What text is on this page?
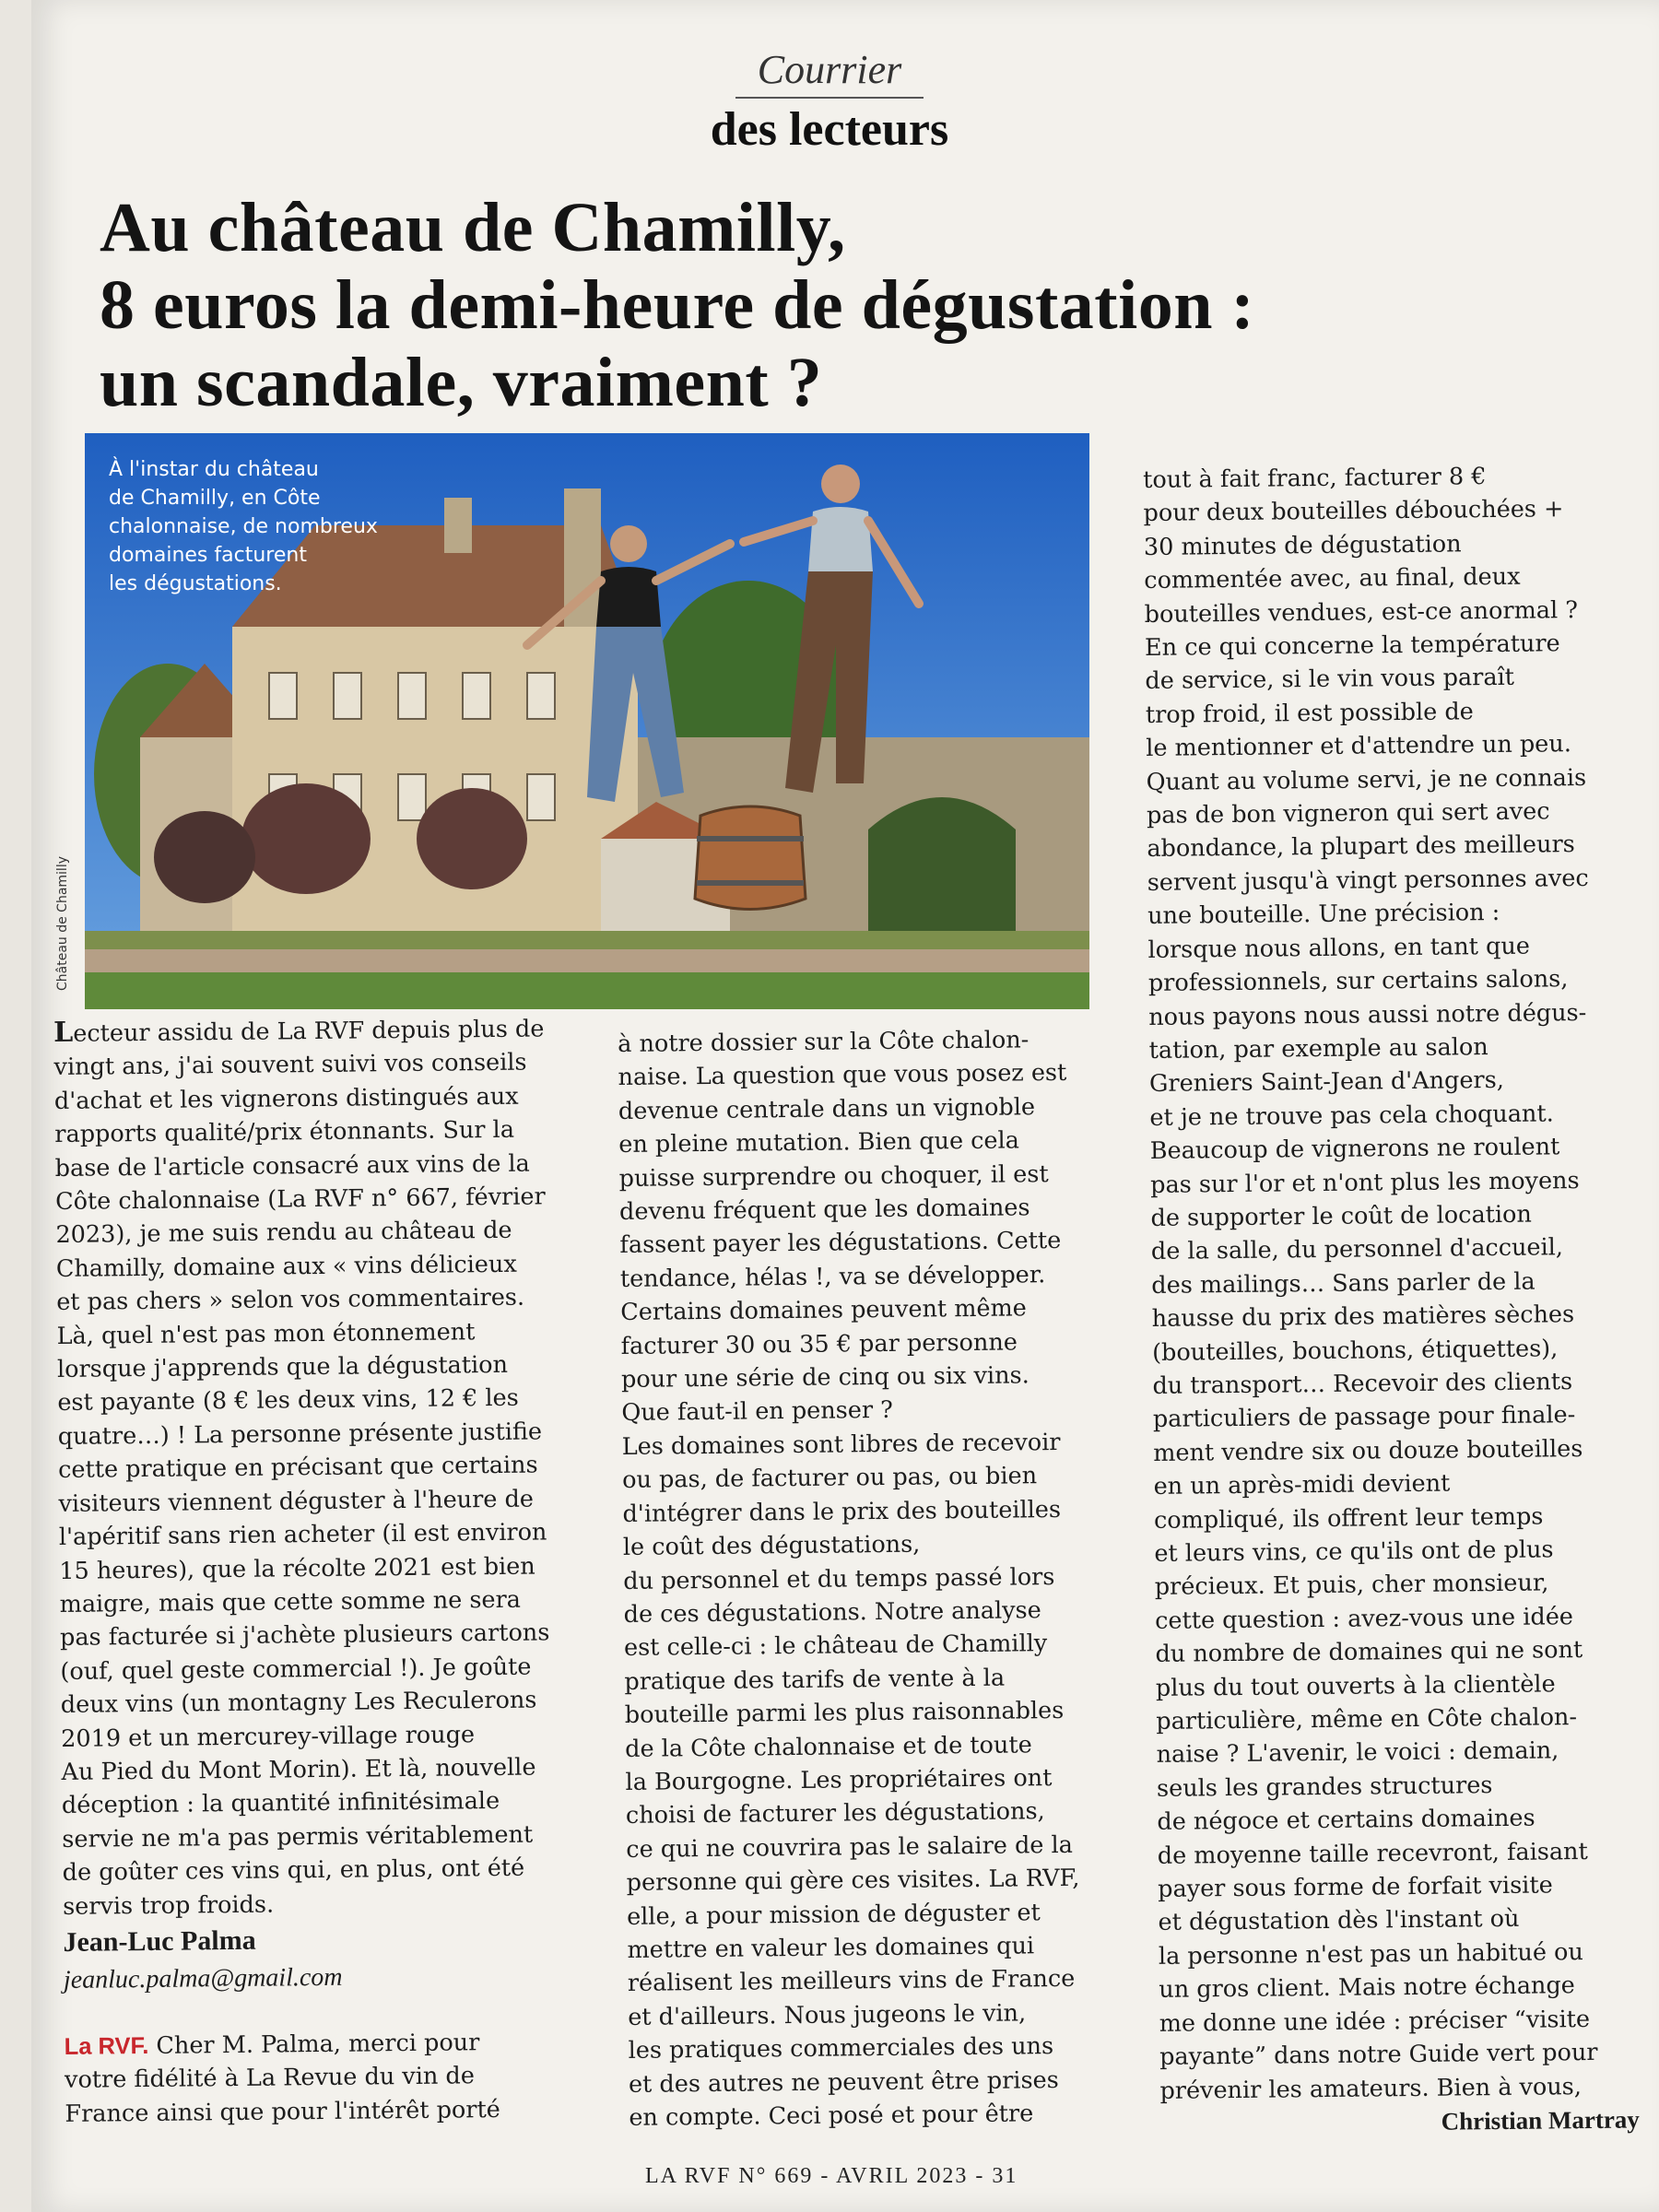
Courrier
des lecteurs
Au château de Chamilly,
8 euros la demi-heure de dégustation :
un scandale, vraiment ?
À l'instar du château
de Chamilly, en Côte
chalonnaise, de nombreux
domaines facturent
les dégustations.
Château de Chamilly
Lecteur assidu de La RVF depuis plus de
vingt ans, j'ai souvent suivi vos conseils
d'achat et les vignerons distingués aux
rapports qualité/prix étonnants. Sur la
base de l'article consacré aux vins de la
Côte chalonnaise (La RVF n° 667, février
2023), je me suis rendu au château de
Chamilly, domaine aux « vins délicieux
et pas chers » selon vos commentaires.
Là, quel n'est pas mon étonnement
lorsque j'apprends que la dégustation
est payante (8 € les deux vins, 12 € les
quatre…) ! La personne présente justifie
cette pratique en précisant que certains
visiteurs viennent déguster à l'heure de
l'apéritif sans rien acheter (il est environ
15 heures), que la récolte 2021 est bien
maigre, mais que cette somme ne sera
pas facturée si j'achète plusieurs cartons
(ouf, quel geste commercial !). Je goûte
deux vins (un montagny Les Reculerons
2019 et un mercurey-village rouge
Au Pied du Mont Morin). Et là, nouvelle
déception : la quantité infinitésimale
servie ne m'a pas permis véritablement
de goûter ces vins qui, en plus, ont été
servis trop froids.
Jean-Luc Palma
jeanluc.palma@gmail.com
La RVF. Cher M. Palma, merci pour
votre fidélité à La Revue du vin de
France ainsi que pour l'intérêt porté
à notre dossier sur la Côte chalon-
naise. La question que vous posez est
devenue centrale dans un vignoble
en pleine mutation. Bien que cela
puisse surprendre ou choquer, il est
devenu fréquent que les domaines
fassent payer les dégustations. Cette
tendance, hélas !, va se développer.
Certains domaines peuvent même
facturer 30 ou 35 € par personne
pour une série de cinq ou six vins.
Que faut-il en penser ?
Les domaines sont libres de recevoir
ou pas, de facturer ou pas, ou bien
d'intégrer dans le prix des bouteilles
le coût des dégustations,
du personnel et du temps passé lors
de ces dégustations. Notre analyse
est celle-ci : le château de Chamilly
pratique des tarifs de vente à la
bouteille parmi les plus raisonnables
de la Côte chalonnaise et de toute
la Bourgogne. Les propriétaires ont
choisi de facturer les dégustations,
ce qui ne couvrira pas le salaire de la
personne qui gère ces visites. La RVF,
elle, a pour mission de déguster et
mettre en valeur les domaines qui
réalisent les meilleurs vins de France
et d'ailleurs. Nous jugeons le vin,
les pratiques commerciales des uns
et des autres ne peuvent être prises
en compte. Ceci posé et pour être
tout à fait franc, facturer 8 €
pour deux bouteilles débouchées +
30 minutes de dégustation
commentée avec, au final, deux
bouteilles vendues, est-ce anormal ?
En ce qui concerne la température
de service, si le vin vous paraît
trop froid, il est possible de
le mentionner et d'attendre un peu.
Quant au volume servi, je ne connais
pas de bon vigneron qui sert avec
abondance, la plupart des meilleurs
servent jusqu'à vingt personnes avec
une bouteille. Une précision :
lorsque nous allons, en tant que
professionnels, sur certains salons,
nous payons nous aussi notre dégus-
tation, par exemple au salon
Greniers Saint-Jean d'Angers,
et je ne trouve pas cela choquant.
Beaucoup de vignerons ne roulent
pas sur l'or et n'ont plus les moyens
de supporter le coût de location
de la salle, du personnel d'accueil,
des mailings… Sans parler de la
hausse du prix des matières sèches
(bouteilles, bouchons, étiquettes),
du transport… Recevoir des clients
particuliers de passage pour finale-
ment vendre six ou douze bouteilles
en un après-midi devient
compliqué, ils offrent leur temps
et leurs vins, ce qu'ils ont de plus
précieux. Et puis, cher monsieur,
cette question : avez-vous une idée
du nombre de domaines qui ne sont
plus du tout ouverts à la clientèle
particulière, même en Côte chalon-
naise ? L'avenir, le voici : demain,
seuls les grandes structures
de négoce et certains domaines
de moyenne taille recevront, faisant
payer sous forme de forfait visite
et dégustation dès l'instant où
la personne n'est pas un habitué ou
un gros client. Mais notre échange
me donne une idée : préciser “visite
payante” dans notre Guide vert pour
prévenir les amateurs. Bien à vous,
Christian Martray
LA RVF N° 669 - AVRIL 2023 - 31
